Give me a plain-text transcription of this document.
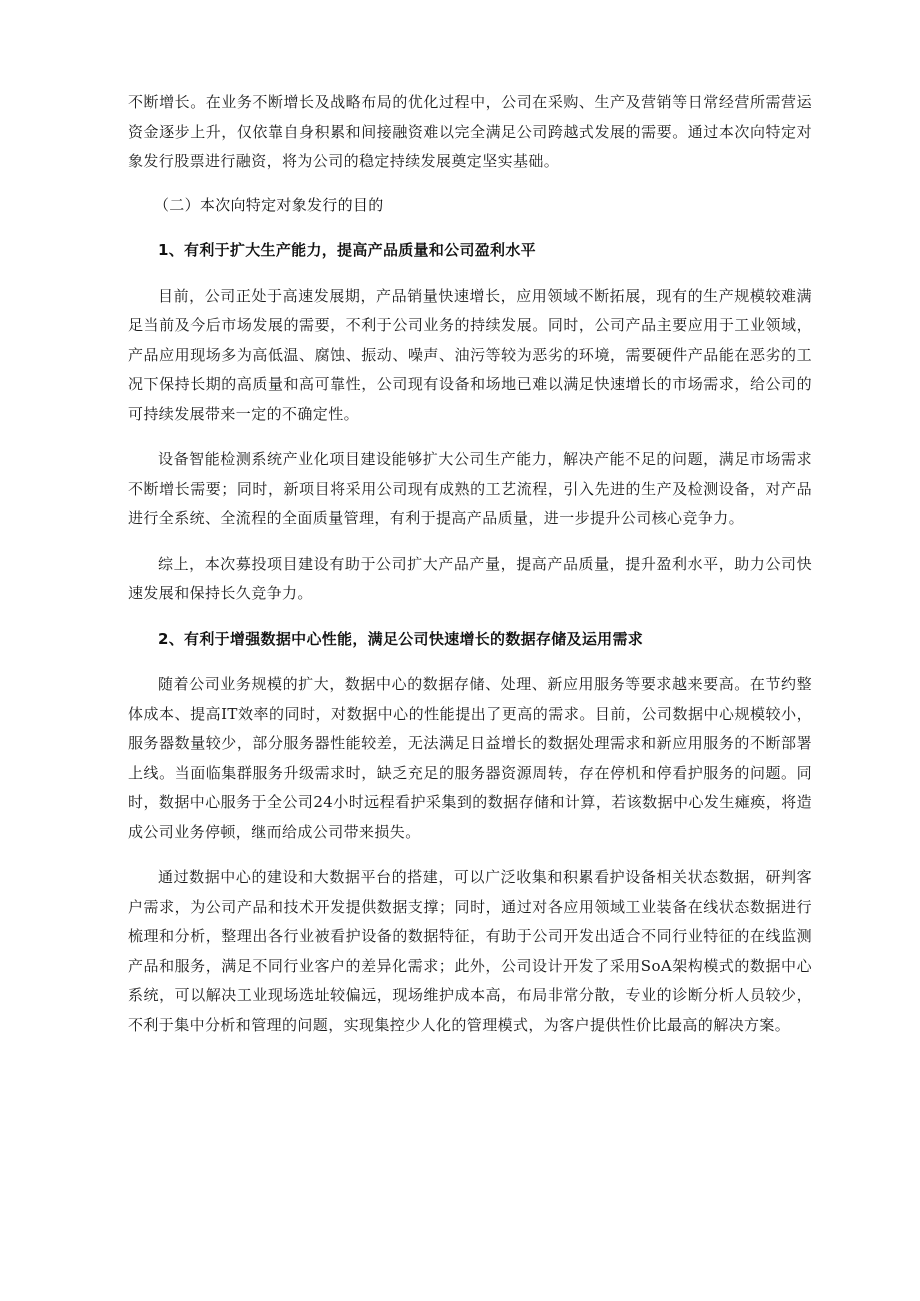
不断增长。在业务不断增长及战略布局的优化过程中，公司在采购、生产及营销等日常经营所需营运资金逐步上升，仅依靠自身积累和间接融资难以完全满足公司跨越式发展的需要。通过本次向特定对象发行股票进行融资，将为公司的稳定持续发展奠定坚实基础。

（二）本次向特定对象发行的目的

1、有利于扩大生产能力，提高产品质量和公司盈利水平

目前，公司正处于高速发展期，产品销量快速增长，应用领域不断拓展，现有的生产规模较难满足当前及今后市场发展的需要，不利于公司业务的持续发展。同时，公司产品主要应用于工业领域，产品应用现场多为高低温、腐蚀、振动、噪声、油污等较为恶劣的环境，需要硬件产品能在恶劣的工况下保持长期的高质量和高可靠性，公司现有设备和场地已难以满足快速增长的市场需求，给公司的可持续发展带来一定的不确定性。

设备智能检测系统产业化项目建设能够扩大公司生产能力，解决产能不足的问题，满足市场需求不断增长需要；同时，新项目将采用公司现有成熟的工艺流程，引入先进的生产及检测设备，对产品进行全系统、全流程的全面质量管理，有利于提高产品质量，进一步提升公司核心竞争力。

综上，本次募投项目建设有助于公司扩大产品产量，提高产品质量，提升盈利水平，助力公司快速发展和保持长久竞争力。

2、有利于增强数据中心性能，满足公司快速增长的数据存储及运用需求

随着公司业务规模的扩大，数据中心的数据存储、处理、新应用服务等要求越来要高。在节约整体成本、提高IT效率的同时，对数据中心的性能提出了更高的需求。目前，公司数据中心规模较小，服务器数量较少，部分服务器性能较差，无法满足日益增长的数据处理需求和新应用服务的不断部署上线。当面临集群服务升级需求时，缺乏充足的服务器资源周转，存在停机和停看护服务的问题。同时，数据中心服务于全公司24小时远程看护采集到的数据存储和计算，若该数据中心发生瘫痪，将造成公司业务停顿，继而给成公司带来损失。

通过数据中心的建设和大数据平台的搭建，可以广泛收集和积累看护设备相关状态数据，研判客户需求，为公司产品和技术开发提供数据支撑；同时，通过对各应用领域工业装备在线状态数据进行梳理和分析，整理出各行业被看护设备的数据特征，有助于公司开发出适合不同行业特征的在线监测产品和服务，满足不同行业客户的差异化需求；此外，公司设计开发了采用SoA架构模式的数据中心系统，可以解决工业现场选址较偏远，现场维护成本高，布局非常分散，专业的诊断分析人员较少，不利于集中分析和管理的问题，实现集控少人化的管理模式，为客户提供性价比最高的解决方案。
